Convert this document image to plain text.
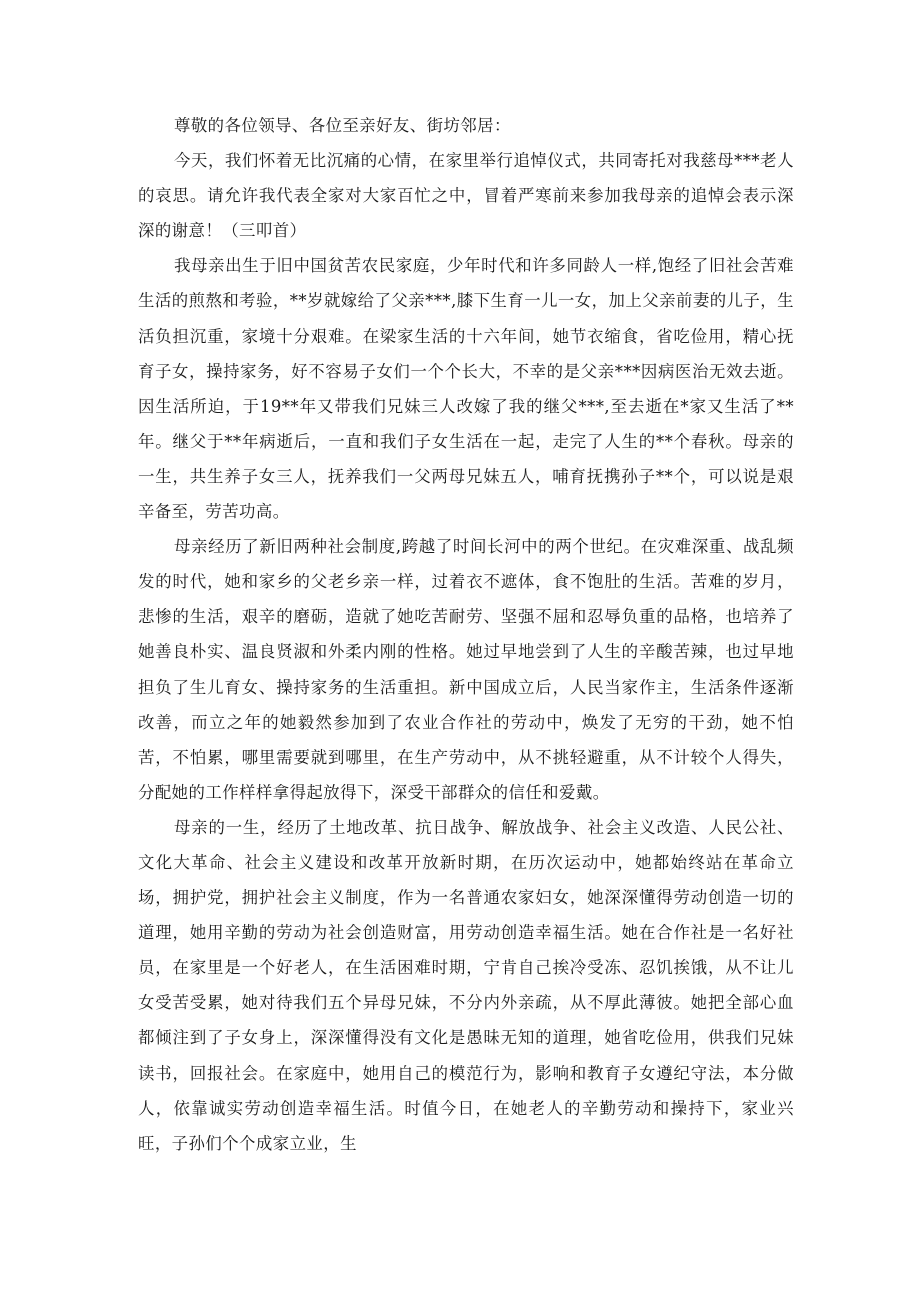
尊敬的各位领导、各位至亲好友、街坊邻居：

今天，我们怀着无比沉痛的心情，在家里举行追悼仪式，共同寄托对我慈母***老人的哀思。请允许我代表全家对大家百忙之中，冒着严寒前来参加我母亲的追悼会表示深深的谢意！（三叩首）

我母亲出生于旧中国贫苦农民家庭，少年时代和许多同龄人一样,饱经了旧社会苦难生活的煎熬和考验，**岁就嫁给了父亲***,膝下生育一儿一女，加上父亲前妻的儿子，生活负担沉重，家境十分艰难。在梁家生活的十六年间，她节衣缩食，省吃俭用，精心抚育子女，操持家务，好不容易子女们一个个长大，不幸的是父亲***因病医治无效去逝。因生活所迫，于19**年又带我们兄妹三人改嫁了我的继父***,至去逝在*家又生活了**年。继父于**年病逝后，一直和我们子女生活在一起，走完了人生的**个春秋。母亲的一生，共生养子女三人，抚养我们一父两母兄妹五人，哺育抚携孙子**个，可以说是艰辛备至，劳苦功高。

母亲经历了新旧两种社会制度,跨越了时间长河中的两个世纪。在灾难深重、战乱频发的时代，她和家乡的父老乡亲一样，过着衣不遮体，食不饱肚的生活。苦难的岁月，悲惨的生活，艰辛的磨砺，造就了她吃苦耐劳、坚强不屈和忍辱负重的品格，也培养了她善良朴实、温良贤淑和外柔内刚的性格。她过早地尝到了人生的辛酸苦辣，也过早地担负了生儿育女、操持家务的生活重担。新中国成立后，人民当家作主，生活条件逐渐改善，而立之年的她毅然参加到了农业合作社的劳动中，焕发了无穷的干劲，她不怕苦，不怕累，哪里需要就到哪里，在生产劳动中，从不挑轻避重，从不计较个人得失，分配她的工作样样拿得起放得下，深受干部群众的信任和爱戴。

母亲的一生，经历了土地改革、抗日战争、解放战争、社会主义改造、人民公社、文化大革命、社会主义建设和改革开放新时期，在历次运动中，她都始终站在革命立场，拥护党，拥护社会主义制度，作为一名普通农家妇女，她深深懂得劳动创造一切的道理，她用辛勤的劳动为社会创造财富，用劳动创造幸福生活。她在合作社是一名好社员，在家里是一个好老人，在生活困难时期，宁肯自己挨冷受冻、忍饥挨饿，从不让儿女受苦受累，她对待我们五个异母兄妹，不分内外亲疏，从不厚此薄彼。她把全部心血都倾注到了子女身上，深深懂得没有文化是愚昧无知的道理，她省吃俭用，供我们兄妹读书，回报社会。在家庭中，她用自己的模范行为，影响和教育子女遵纪守法，本分做人，依靠诚实劳动创造幸福生活。时值今日，在她老人的辛勤劳动和操持下，家业兴旺，子孙们个个成家立业，生
